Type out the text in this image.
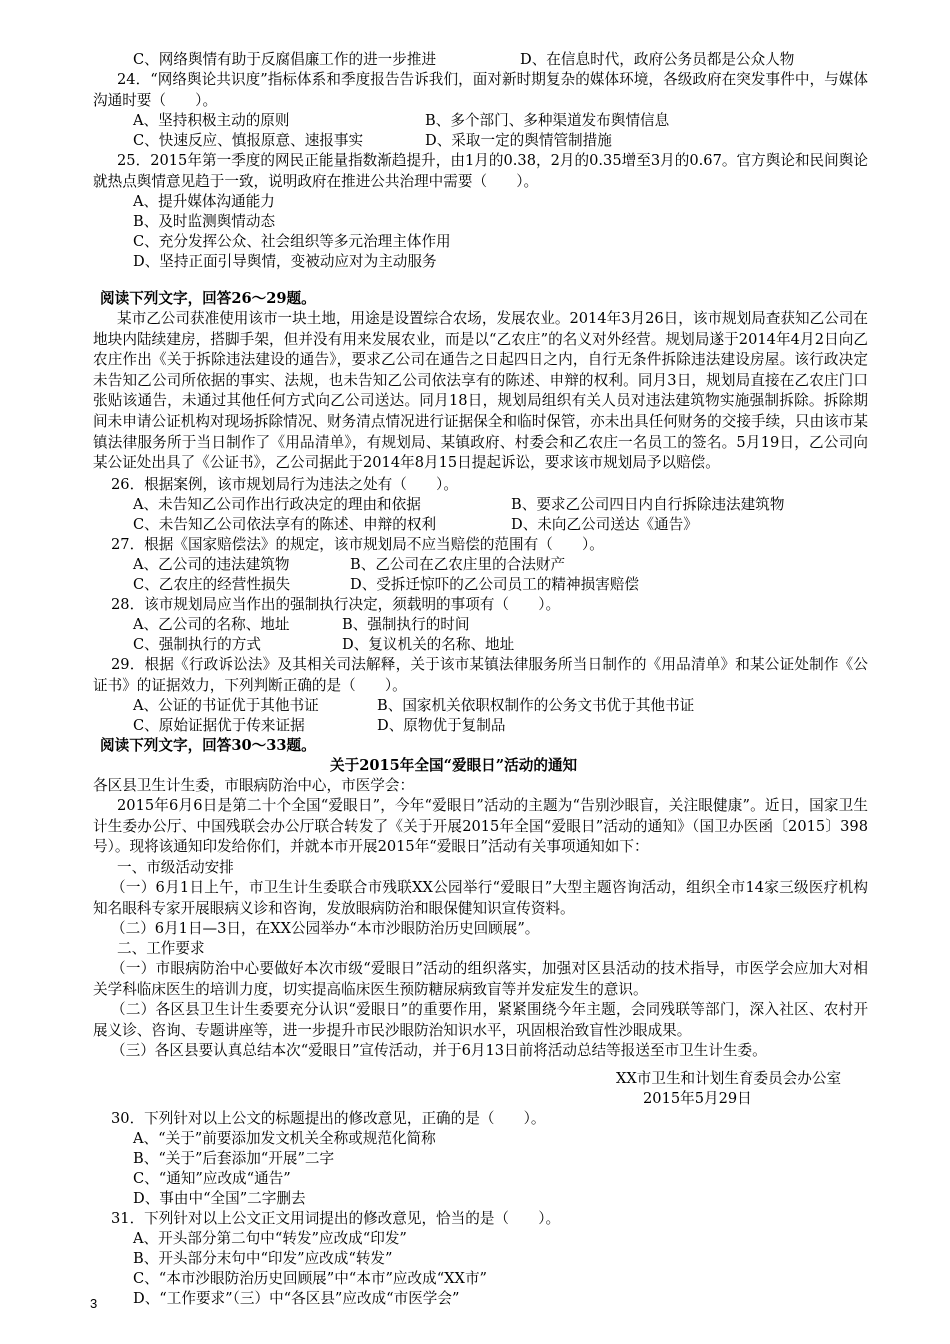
C、网络舆情有助于反腐倡廉工作的进一步推进	D、在信息时代，政府公务员都是公众人物
24．“网络舆论共识度”指标体系和季度报告告诉我们，面对新时期复杂的媒体环境，各级政府在突发事件中，与媒体沟通时要（　　）。
A、坚持积极主动的原则	B、多个部门、多种渠道发布舆情信息
C、快速反应、慎报原意、速报事实	D、采取一定的舆情管制措施
25．2015年第一季度的网民正能量指数渐趋提升，由1月的0.38，2月的0.35增至3月的0.67。官方舆论和民间舆论就热点舆情意见趋于一致，说明政府在推进公共治理中需要（　　）。
A、提升媒体沟通能力
B、及时监测舆情动态
C、充分发挥公众、社会组织等多元治理主体作用
D、坚持正面引导舆情，变被动应对为主动服务
阅读下列文字，回答26～29题。
某市乙公司获准使用该市一块土地，用途是设置综合农场，发展农业。2014年3月26日，该市规划局查获知乙公司在地块内陆续建房，搭脚手架，但并没有用来发展农业，而是以“乙农庄”的名义对外经营。规划局遂于2014年4月2日向乙农庄作出《关于拆除违法建设的通告》，要求乙公司在通告之日起四日之内，自行无条件拆除违法建设房屋。该行政决定未告知乙公司所依据的事实、法规，也未告知乙公司依法享有的陈述、申辩的权利。同月3日，规划局直接在乙农庄门口张贴该通告，未通过其他任何方式向乙公司送达。同月18日，规划局组织有关人员对违法建筑物实施强制拆除。拆除期间未申请公证机构对现场拆除情况、财务清点情况进行证据保全和临时保管，亦未出具任何财务的交接手续，只由该市某镇法律服务所于当日制作了《用品清单》，有规划局、某镇政府、村委会和乙农庄一名员工的签名。5月19日，乙公司向某公证处出具了《公证书》，乙公司据此于2014年8月15日提起诉讼，要求该市规划局予以赔偿。
26．根据案例，该市规划局行为违法之处有（　　）。
A、未告知乙公司作出行政决定的理由和依据	B、要求乙公司四日内自行拆除违法建筑物
C、未告知乙公司依法享有的陈述、申辩的权利	D、未向乙公司送达《通告》
27．根据《国家赔偿法》的规定，该市规划局不应当赔偿的范围有（　　）。
A、乙公司的违法建筑物	B、乙公司在乙农庄里的合法财产
C、乙农庄的经营性损失	D、受拆迁惊吓的乙公司员工的精神损害赔偿
28．该市规划局应当作出的强制执行决定，须载明的事项有（　　）。
A、乙公司的名称、地址	B、强制执行的时间
C、强制执行的方式	D、复议机关的名称、地址
29．根据《行政诉讼法》及其相关司法解释，关于该市某镇法律服务所当日制作的《用品清单》和某公证处制作《公证书》的证据效力，下列判断正确的是（　　）。
A、公证的书证优于其他书证	B、国家机关依职权制作的公务文书优于其他书证
C、原始证据优于传来证据	D、原物优于复制品
阅读下列文字，回答30～33题。
关于2015年全国“爱眼日”活动的通知
各区县卫生计生委，市眼病防治中心，市医学会：
2015年6月6日是第二十个全国“爱眼日”，今年“爱眼日”活动的主题为“告别沙眼盲，关注眼健康”。近日，国家卫生计生委办公厅、中国残联会办公厅联合转发了《关于开展2015年全国“爱眼日”活动的通知》（国卫办医函〔2015〕398号）。现将该通知印发给你们，并就本市开展2015年“爱眼日”活动有关事项通知如下：
一、市级活动安排
（一）6月1日上午，市卫生计生委联合市残联XX公园举行“爱眼日”大型主题咨询活动，组织全市14家三级医疗机构知名眼科专家开展眼病义诊和咨询，发放眼病防治和眼保健知识宣传资料。
（二）6月1日—3日，在XX公园举办“本市沙眼防治历史回顾展”。
二、工作要求
（一）市眼病防治中心要做好本次市级“爱眼日”活动的组织落实，加强对区县活动的技术指导，市医学会应加大对相关学科临床医生的培训力度，切实提高临床医生预防糖尿病致盲等并发症发生的意识。
（二）各区县卫生计生委要充分认识“爱眼日”的重要作用，紧紧围绕今年主题，会同残联等部门，深入社区、农村开展义诊、咨询、专题讲座等，进一步提升市民沙眼防治知识水平，巩固根治致盲性沙眼成果。
（三）各区县要认真总结本次“爱眼日”宣传活动，并于6月13日前将活动总结等报送至市卫生计生委。
XX市卫生和计划生育委员会办公室
2015年5月29日
30．下列针对以上公文的标题提出的修改意见，正确的是（　　）。
A、“关于”前要添加发文机关全称或规范化简称
B、“关于”后套添加“开展”二字
C、“通知”应改成“通告”
D、事由中“全国”二字删去
31．下列针对以上公文正文用词提出的修改意见，恰当的是（　　）。
A、开头部分第二句中“转发”应改成“印发”
B、开头部分末句中“印发”应改成“转发”
C、“本市沙眼防治历史回顾展”中“本市”应改成“XX市”
D、“工作要求”（三）中“各区县”应改成“市医学会”
3
